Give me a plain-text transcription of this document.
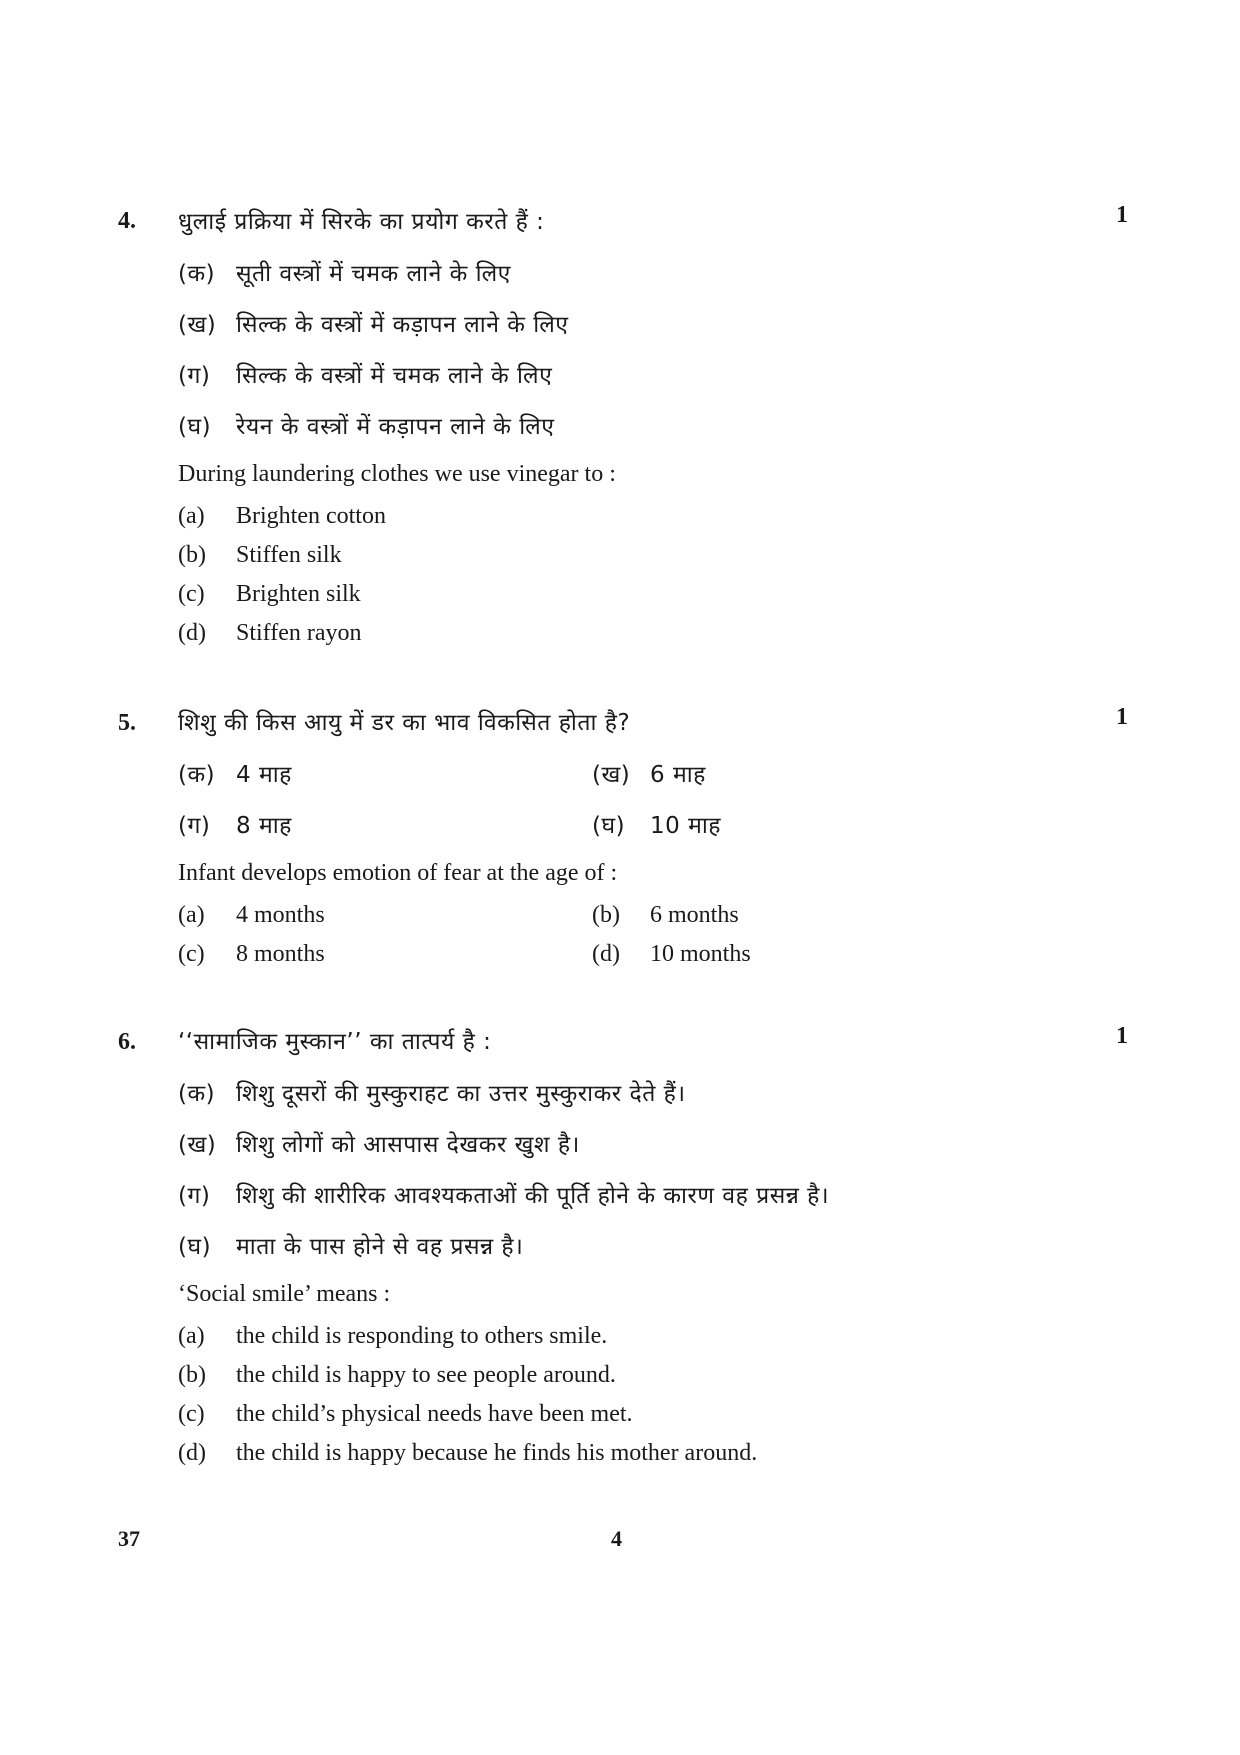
4.	1
धुलाई प्रक्रिया में सिरके का प्रयोग करते हैं :
(क) सूती वस्त्रों में चमक लाने के लिए
(ख) सिल्क के वस्त्रों में कड़ापन लाने के लिए
(ग) सिल्क के वस्त्रों में चमक लाने के लिए
(घ) रेयन के वस्त्रों में कड़ापन लाने के लिए
During laundering clothes we use vinegar to :
(a) Brighten cotton
(b) Stiffen silk
(c) Brighten silk
(d) Stiffen rayon
5.	1
शिशु की किस आयु में डर का भाव विकसित होता है?
(क) 4 माह	(ख) 6 माह
(ग) 8 माह	(घ) 10 माह
Infant develops emotion of fear at the age of :
(a) 4 months	(b) 6 months
(c) 8 months	(d) 10 months
6.	1
‘‘सामाजिक मुस्कान’’ का तात्पर्य है :
(क) शिशु दूसरों की मुस्कुराहट का उत्तर मुस्कुराकर देते हैं।
(ख) शिशु लोगों को आसपास देखकर खुश है।
(ग) शिशु की शारीरिक आवश्यकताओं की पूर्ति होने के कारण वह प्रसन्न है।
(घ) माता के पास होने से वह प्रसन्न है।
‘Social smile’ means :
(a) the child is responding to others smile.
(b) the child is happy to see people around.
(c) the child’s physical needs have been met.
(d) the child is happy because he finds his mother around.
37	4
